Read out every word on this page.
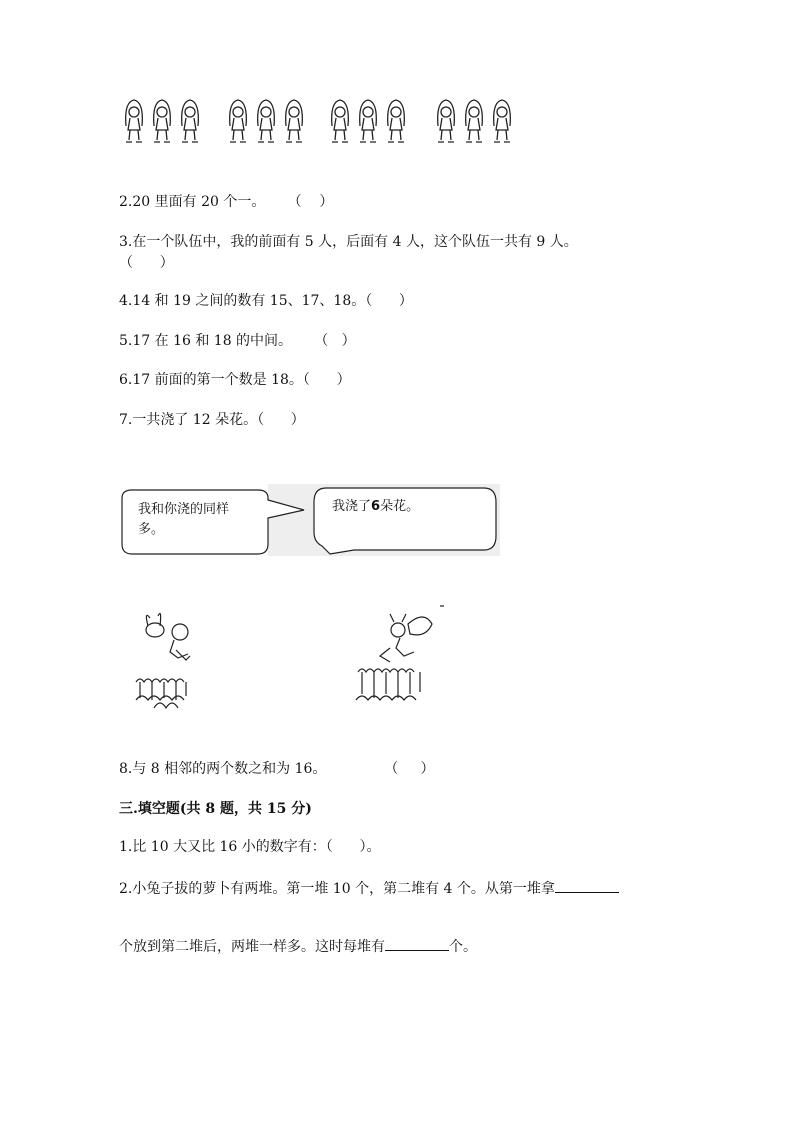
2.20 里面有 20 个一。     （    ）
3.在一个队伍中，我的前面有 5 人，后面有 4 人，这个队伍一共有 9 人。
（      ）
4.14 和 19 之间的数有 15、17、18。（      ）
5.17 在 16 和 18 的中间。     （   ）
6.17 前面的第一个数是 18。（      ）
7.一共浇了 12 朵花。（      ）
我和你浇的同样
多。
我浇了6朵花。
8.与 8 相邻的两个数之和为 16。             （     ）
三.填空题(共 8 题，共 15 分)
1.比 10 大又比 16 小的数字有：（      ）。
2.小兔子拔的萝卜有两堆。第一堆 10 个，第二堆有 4 个。从第一堆拿
个放到第二堆后，两堆一样多。这时每堆有	个。
